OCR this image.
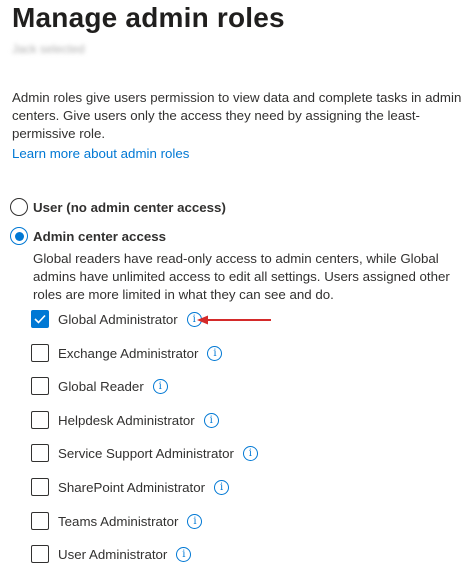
Manage admin roles
Jack selected
Admin roles give users permission to view data and complete tasks in admin centers. Give users only the access they need by assigning the least-permissive role.
Learn more about admin roles
User (no admin center access)
Admin center access
Global readers have read-only access to admin centers, while Global admins have unlimited access to edit all settings. Users assigned other roles are more limited in what they can see and do.
Global Administrator	i
Exchange Administrator	i
Global Reader	i
Helpdesk Administrator	i
Service Support Administrator	i
SharePoint Administrator	i
Teams Administrator	i
User Administrator	i
